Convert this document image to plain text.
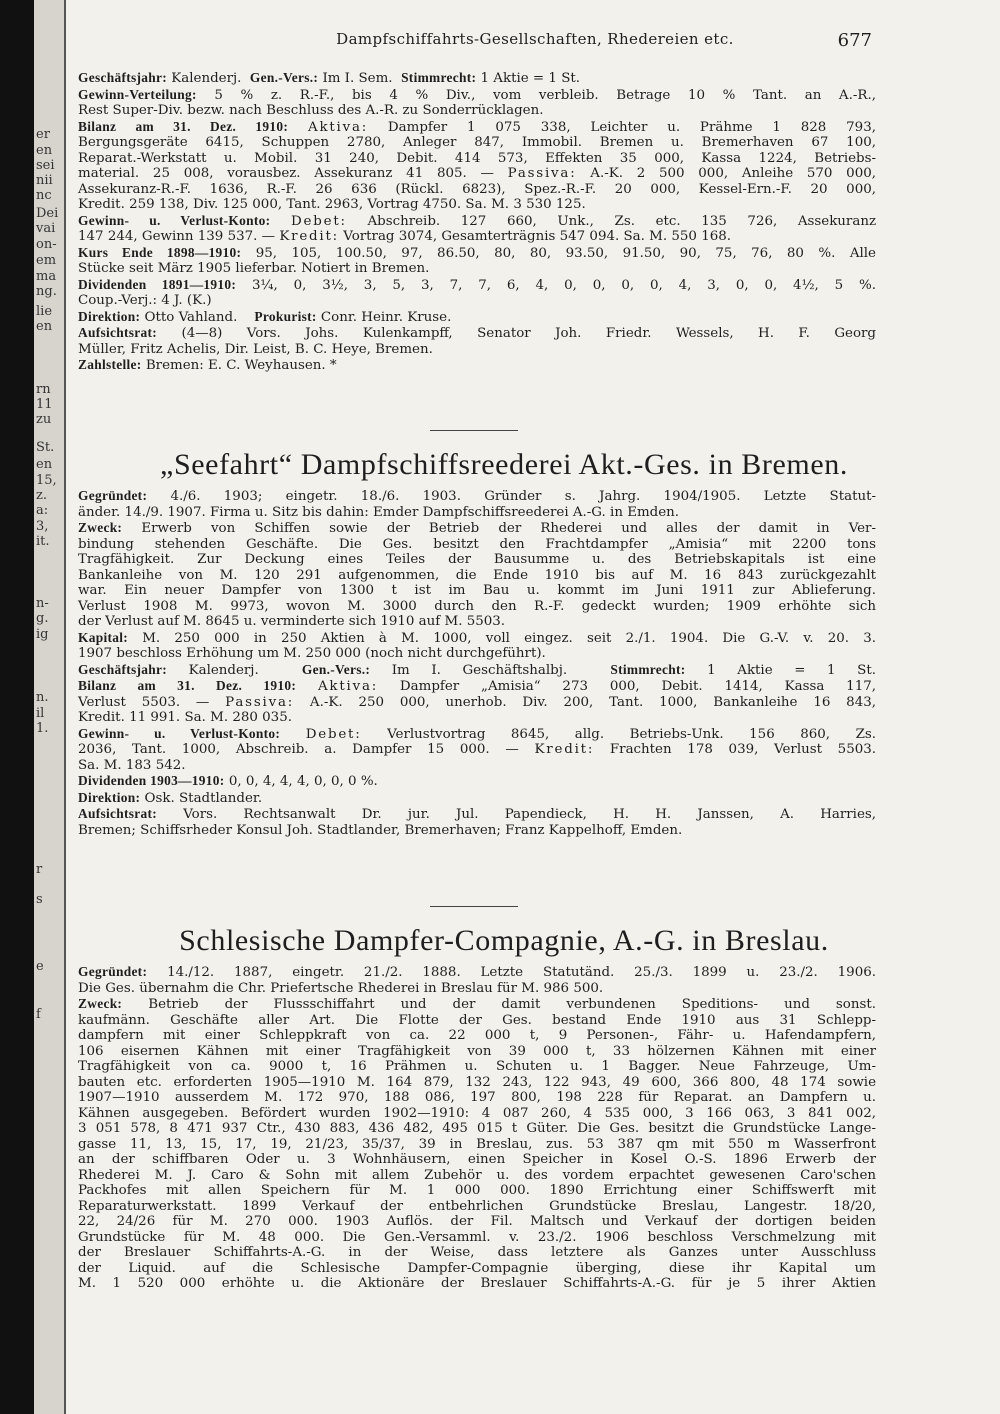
er
en
sei
nii
nc
Dei
vai
on-
em
ma
ng.
lie
en
rn
11
zu
St.
en
15,
z.
a:
3,
it.
n-
g.
ig
n.
il
1.
r
s
e
f
Dampfschiffahrts-Gesellschaften, Rhedereien etc.	677

Geschäftsjahr: Kalenderj. Gen.-Vers.: Im I. Sem. Stimmrecht: 1 Aktie = 1 St.

Gewinn-Verteilung: 5 % z. R.-F., bis 4 % Div., vom verbleib. Betrage 10 % Tant. an A.-R.,

Rest Super-Div. bezw. nach Beschluss des A.-R. zu Sonderrücklagen.

Bilanz am 31. Dez. 1910: Aktiva: Dampfer 1 075 338, Leichter u. Prähme 1 828 793,

Bergungsgeräte 6415, Schuppen 2780, Anleger 847, Immobil. Bremen u. Bremerhaven 67 100,

Reparat.-Werkstatt u. Mobil. 31 240, Debit. 414 573, Effekten 35 000, Kassa 1224, Betriebs-

material. 25 008, vorausbez. Assekuranz 41 805. — Passiva: A.-K. 2 500 000, Anleihe 570 000,

Assekuranz-R.-F. 1636, R.-F. 26 636 (Rückl. 6823), Spez.-R.-F. 20 000, Kessel-Ern.-F. 20 000,

Kredit. 259 138, Div. 125 000, Tant. 2963, Vortrag 4750. Sa. M. 3 530 125.

Gewinn- u. Verlust-Konto: Debet: Abschreib. 127 660, Unk., Zs. etc. 135 726, Assekuranz

147 244, Gewinn 139 537. — Kredit: Vortrag 3074, Gesamterträgnis 547 094. Sa. M. 550 168.

Kurs Ende 1898—1910: 95, 105, 100.50, 97, 86.50, 80, 80, 93.50, 91.50, 90, 75, 76, 80 %. Alle

Stücke seit März 1905 lieferbar. Notiert in Bremen.

Dividenden 1891—1910: 3¼, 0, 3½, 3, 5, 3, 7, 7, 6, 4, 0, 0, 0, 0, 4, 3, 0, 0, 4½, 5 %.

Coup.-Verj.: 4 J. (K.)

Direktion: Otto Vahland. Prokurist: Conr. Heinr. Kruse.

Aufsichtsrat: (4—8) Vors. Johs. Kulenkampff, Senator Joh. Friedr. Wessels, H. F. Georg

Müller, Fritz Achelis, Dir. Leist, B. C. Heye, Bremen.

Zahlstelle: Bremen: E. C. Weyhausen. *

„Seefahrt“ Dampfschiffsreederei Akt.-Ges. in Bremen.

Gegründet: 4./6. 1903; eingetr. 18./6. 1903. Gründer s. Jahrg. 1904/1905. Letzte Statut-

änder. 14./9. 1907. Firma u. Sitz bis dahin: Emder Dampfschiffsreederei A.-G. in Emden.

Zweck: Erwerb von Schiffen sowie der Betrieb der Rhederei und alles der damit in Ver-

bindung stehenden Geschäfte. Die Ges. besitzt den Frachtdampfer „Amisia“ mit 2200 tons

Tragfähigkeit. Zur Deckung eines Teiles der Bausumme u. des Betriebskapitals ist eine

Bankanleihe von M. 120 291 aufgenommen, die Ende 1910 bis auf M. 16 843 zurückgezahlt

war. Ein neuer Dampfer von 1300 t ist im Bau u. kommt im Juni 1911 zur Ablieferung.

Verlust 1908 M. 9973, wovon M. 3000 durch den R.-F. gedeckt wurden; 1909 erhöhte sich

der Verlust auf M. 8645 u. verminderte sich 1910 auf M. 5503.

Kapital: M. 250 000 in 250 Aktien à M. 1000, voll eingez. seit 2./1. 1904. Die G.-V. v. 20. 3.

1907 beschloss Erhöhung um M. 250 000 (noch nicht durchgeführt).

Geschäftsjahr: Kalenderj.	Gen.-Vers.: Im I. Geschäftshalbj.	Stimmrecht: 1 Aktie = 1 St.

Bilanz am 31. Dez. 1910: Aktiva: Dampfer „Amisia“ 273 000, Debit. 1414, Kassa 117,

Verlust 5503. — Passiva: A.-K. 250 000, unerhob. Div. 200, Tant. 1000, Bankanleihe 16 843,

Kredit. 11 991. Sa. M. 280 035.

Gewinn- u. Verlust-Konto: Debet: Verlustvortrag 8645, allg. Betriebs-Unk. 156 860, Zs.

2036, Tant. 1000, Abschreib. a. Dampfer 15 000. — Kredit: Frachten 178 039, Verlust 5503.

Sa. M. 183 542.

Dividenden 1903—1910: 0, 0, 4, 4, 4, 0, 0, 0 %.

Direktion: Osk. Stadtlander.

Aufsichtsrat: Vors. Rechtsanwalt Dr. jur. Jul. Papendieck, H. H. Janssen, A. Harries,

Bremen; Schiffsrheder Konsul Joh. Stadtlander, Bremerhaven; Franz Kappelhoff, Emden.

Schlesische Dampfer-Compagnie, A.-G. in Breslau.

Gegründet: 14./12. 1887, eingetr. 21./2. 1888. Letzte Statutänd. 25./3. 1899 u. 23./2. 1906.

Die Ges. übernahm die Chr. Priefertsche Rhederei in Breslau für M. 986 500.

Zweck: Betrieb der Flussschiffahrt und der damit verbundenen Speditions- und sonst.

kaufmänn. Geschäfte aller Art. Die Flotte der Ges. bestand Ende 1910 aus 31 Schlepp-

dampfern mit einer Schleppkraft von ca. 22 000 t, 9 Personen-, Fähr- u. Hafendampfern,

106 eisernen Kähnen mit einer Tragfähigkeit von 39 000 t, 33 hölzernen Kähnen mit einer

Tragfähigkeit von ca. 9000 t, 16 Prähmen u. Schuten u. 1 Bagger. Neue Fahrzeuge, Um-

bauten etc. erforderten 1905—1910 M. 164 879, 132 243, 122 943, 49 600, 366 800, 48 174 sowie

1907—1910 ausserdem M. 172 970, 188 086, 197 800, 198 228 für Reparat. an Dampfern u.

Kähnen ausgegeben. Befördert wurden 1902—1910: 4 087 260, 4 535 000, 3 166 063, 3 841 002,

3 051 578, 8 471 937 Ctr., 430 883, 436 482, 495 015 t Güter. Die Ges. besitzt die Grundstücke Lange-

gasse 11, 13, 15, 17, 19, 21/23, 35/37, 39 in Breslau, zus. 53 387 qm mit 550 m Wasserfront

an der schiffbaren Oder u. 3 Wohnhäusern, einen Speicher in Kosel O.-S. 1896 Erwerb der

Rhederei M. J. Caro & Sohn mit allem Zubehör u. des vordem erpachtet gewesenen Caro'schen

Packhofes mit allen Speichern für M. 1 000 000. 1890 Errichtung einer Schiffswerft mit

Reparaturwerkstatt. 1899 Verkauf der entbehrlichen Grundstücke Breslau, Langestr. 18/20,

22, 24/26 für M. 270 000. 1903 Auflös. der Fil. Maltsch und Verkauf der dortigen beiden

Grundstücke für M. 48 000. Die Gen.-Versamml. v. 23./2. 1906 beschloss Verschmelzung mit

der Breslauer Schiffahrts-A.-G. in der Weise, dass letztere als Ganzes unter Ausschluss

der Liquid. auf die Schlesische Dampfer-Compagnie überging, diese ihr Kapital um

M. 1 520 000 erhöhte u. die Aktionäre der Breslauer Schiffahrts-A.-G. für je 5 ihrer Aktien
